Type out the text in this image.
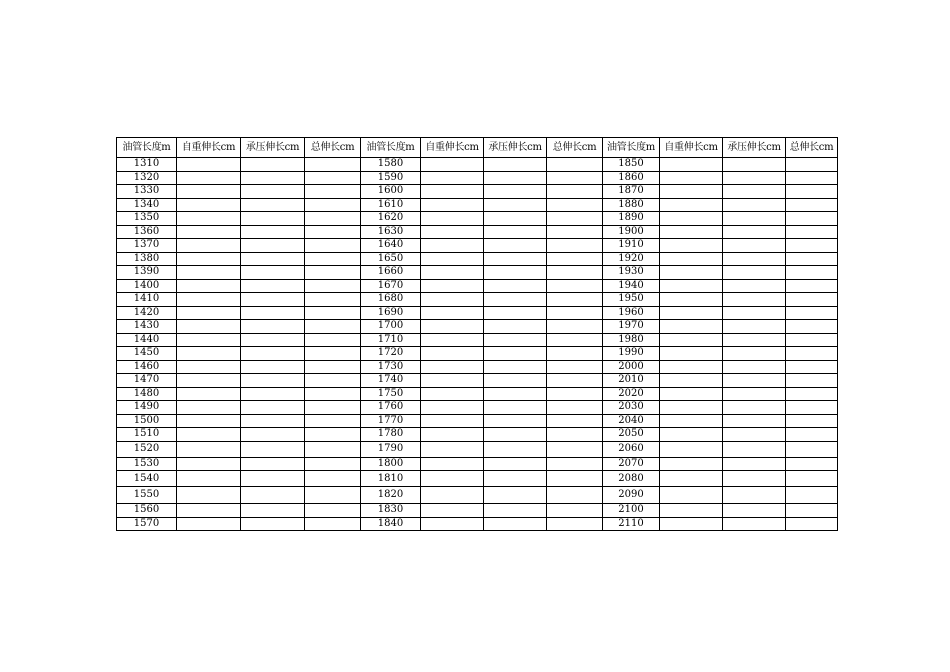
油管长度m	自重伸长cm	承压伸长cm	总伸长cm	油管长度m	自重伸长cm	承压伸长cm	总伸长cm	油管长度m	自重伸长cm	承压伸长cm	总伸长cm
1310				1580				1850			
1320				1590				1860			
1330				1600				1870			
1340				1610				1880			
1350				1620				1890			
1360				1630				1900			
1370				1640				1910			
1380				1650				1920			
1390				1660				1930			
1400				1670				1940			
1410				1680				1950			
1420				1690				1960			
1430				1700				1970			
1440				1710				1980			
1450				1720				1990			
1460				1730				2000			
1470				1740				2010			
1480				1750				2020			
1490				1760				2030			
1500				1770				2040			
1510				1780				2050			
1520				1790				2060			
1530				1800				2070			
1540				1810				2080			
1550				1820				2090			
1560				1830				2100			
1570				1840				2110			
